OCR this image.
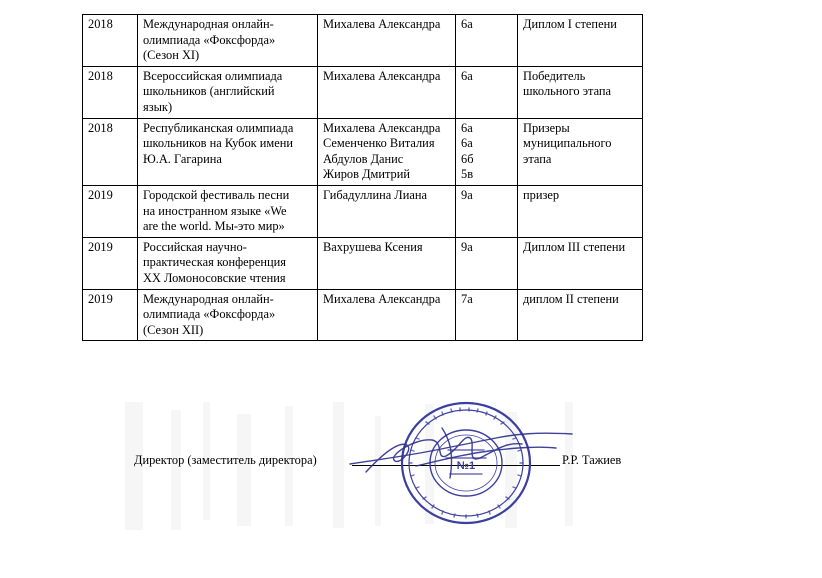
2018	Международная онлайн-
олимпиада «Фоксфорда»
(Сезон XI)	Михалева Александра	6а	Диплом I степени

2018	Всероссийская олимпиада
школьников (английский
язык)	Михалева Александра	6а	Победитель
школьного этапа

2018	Республиканская олимпиада
школьников на Кубок имени
Ю.А. Гагарина	Михалева Александра
Семенченко Виталия
Абдулов Данис
Жиров Дмитрий	6а
6а
6б
5в	Призеры
муниципального
этапа

2019	Городской фестиваль песни
на иностранном языке «We
are the world. Мы-это мир»	Гибадуллина Лиана	9а	призер

2019	Российская научно-
практическая конференция
XX Ломоносовские чтения	Вахрушева Ксения	9а	Диплом III степени

2019	Международная онлайн-
олимпиада «Фоксфорда»
(Сезон XII)	Михалева Александра	7а	диплом II степени
Директор (заместитель директора)	Р.Р. Тажиев
№1
